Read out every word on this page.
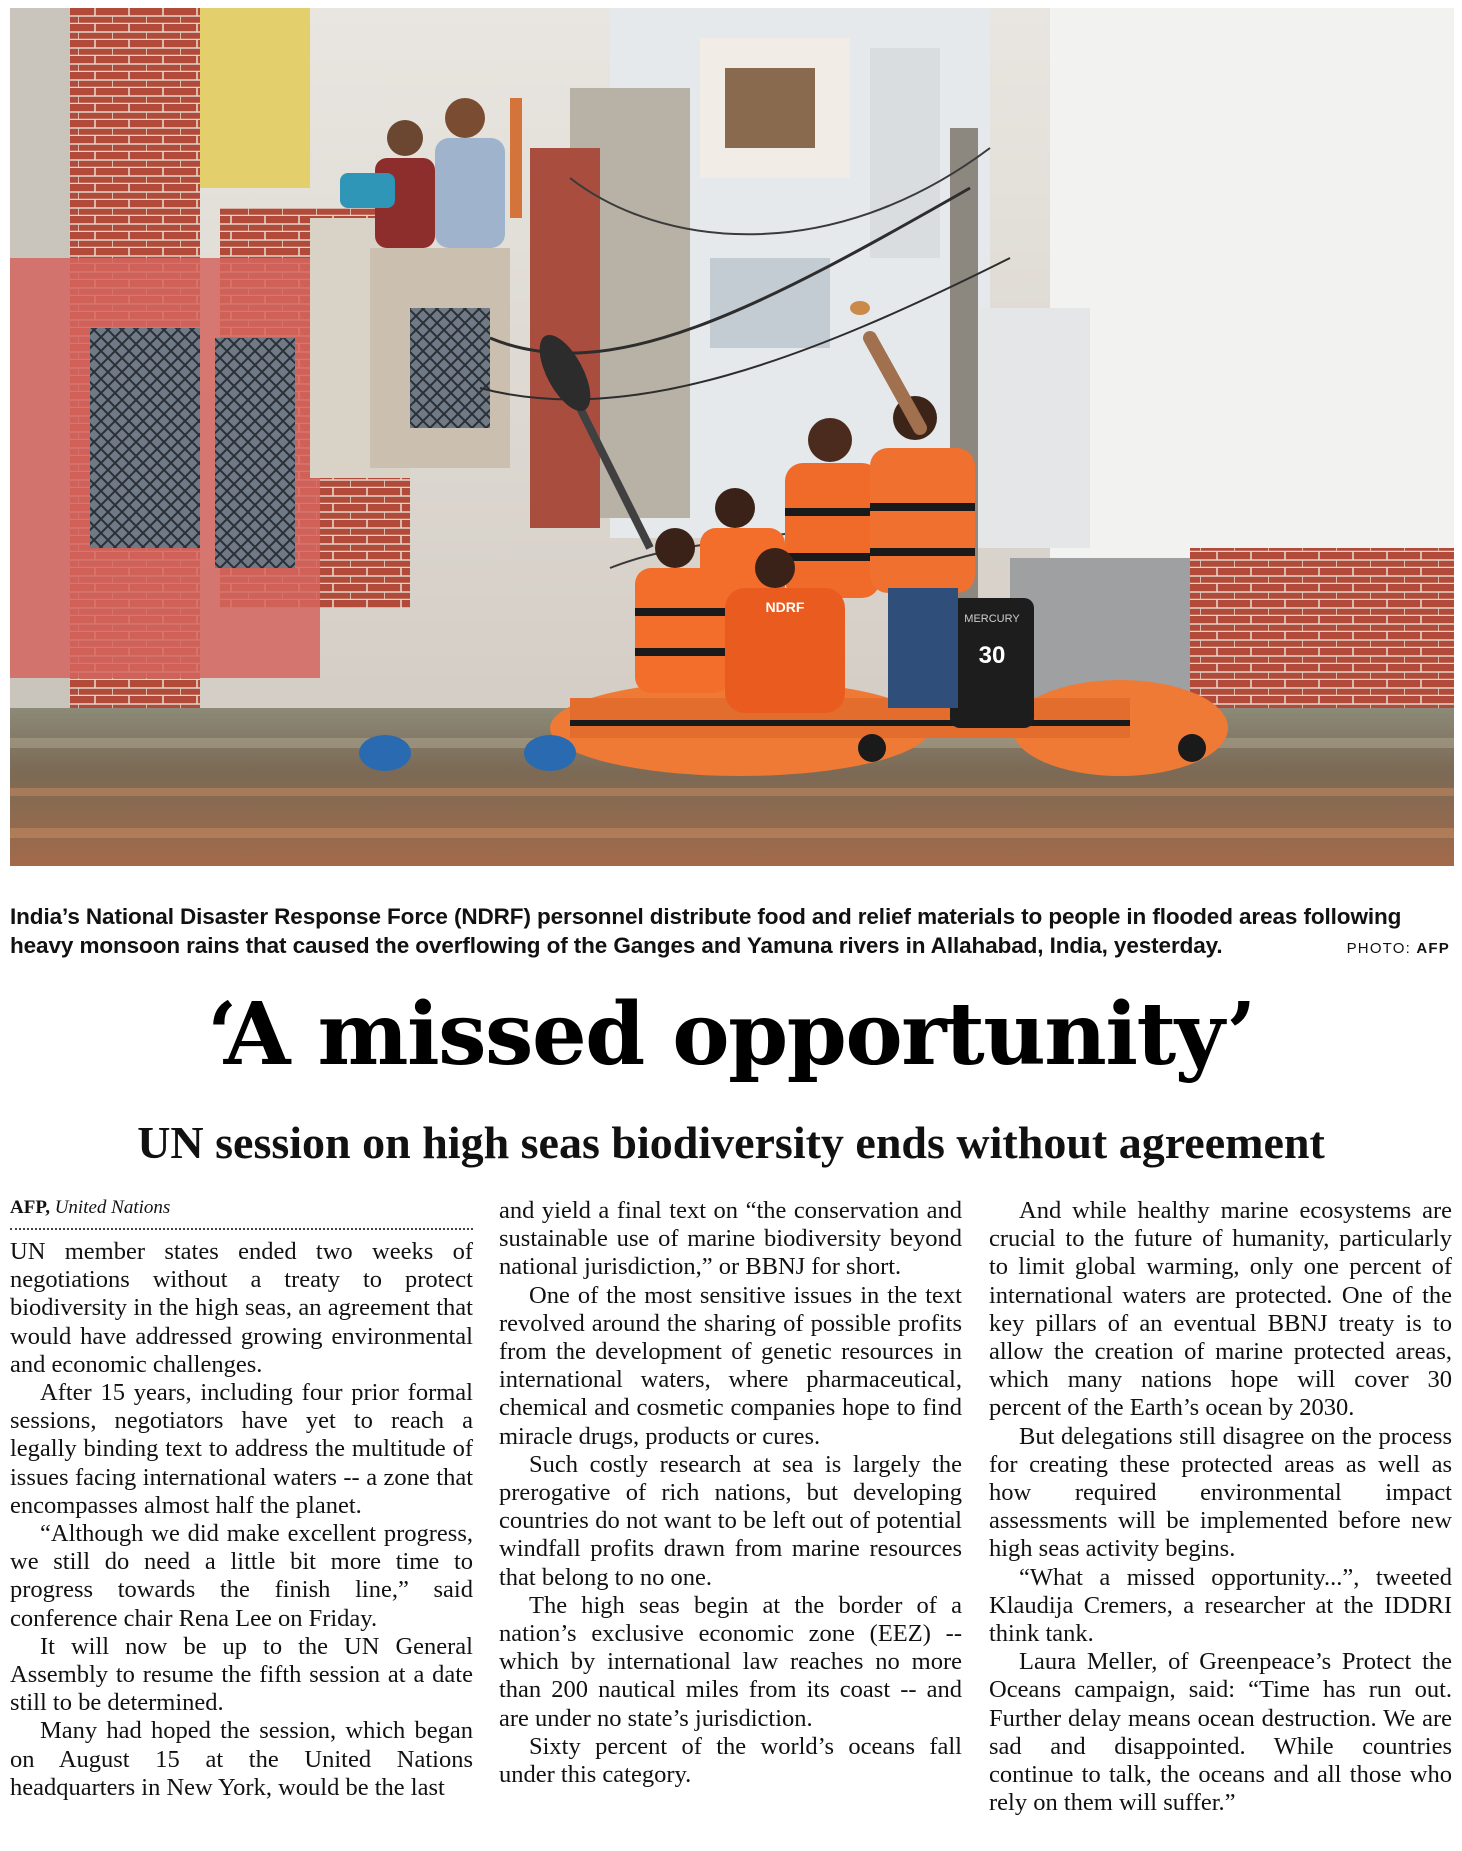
MERCURY
30
NDRF
India’s National Disaster Response Force (NDRF) personnel distribute food and relief materials to people in flooded areas following heavy monsoon rains that caused the overflowing of the Ganges and Yamuna rivers in Allahabad, India, yesterday.	PHOTO: AFP
‘A missed opportunity’
UN session on high seas biodiversity ends without agreement
AFP, United Nations

UN member states ended two weeks of negotiations without a treaty to protect biodiversity in the high seas, an agreement that would have addressed growing environmental and economic challenges.

After 15 years, including four prior formal sessions, negotiators have yet to reach a legally binding text to address the multitude of issues facing international waters -- a zone that encompasses almost half the planet.

“Although we did make excellent progress, we still do need a little bit more time to progress towards the finish line,” said conference chair Rena Lee on Friday.

It will now be up to the UN General Assembly to resume the fifth session at a date still to be determined.

Many had hoped the session, which began on August 15 at the United Nations headquarters in New York, would be the last

and yield a final text on “the conservation and sustainable use of marine biodiversity beyond national jurisdiction,” or BBNJ for short.

One of the most sensitive issues in the text revolved around the sharing of possible profits from the development of genetic resources in international waters, where pharmaceutical, chemical and cosmetic companies hope to find miracle drugs, products or cures.

Such costly research at sea is largely the prerogative of rich nations, but developing countries do not want to be left out of potential windfall profits drawn from marine resources that belong to no one.

The high seas begin at the border of a nation’s exclusive economic zone (EEZ) -- which by international law reaches no more than 200 nautical miles from its coast -- and are under no state’s jurisdiction.

Sixty percent of the world’s oceans fall under this category.

And while healthy marine ecosystems are crucial to the future of humanity, particularly to limit global warming, only one percent of international waters are protected. One of the key pillars of an eventual BBNJ treaty is to allow the creation of marine protected areas, which many nations hope will cover 30 percent of the Earth’s ocean by 2030.

But delegations still disagree on the process for creating these protected areas as well as how required environmental impact assessments will be implemented before new high seas activity begins.

“What a missed opportunity...”, tweeted Klaudija Cremers, a researcher at the IDDRI think tank.

Laura Meller, of Greenpeace’s Protect the Oceans campaign, said: “Time has run out. Further delay means ocean destruction. We are sad and disappointed. While countries continue to talk, the oceans and all those who rely on them will suffer.”
